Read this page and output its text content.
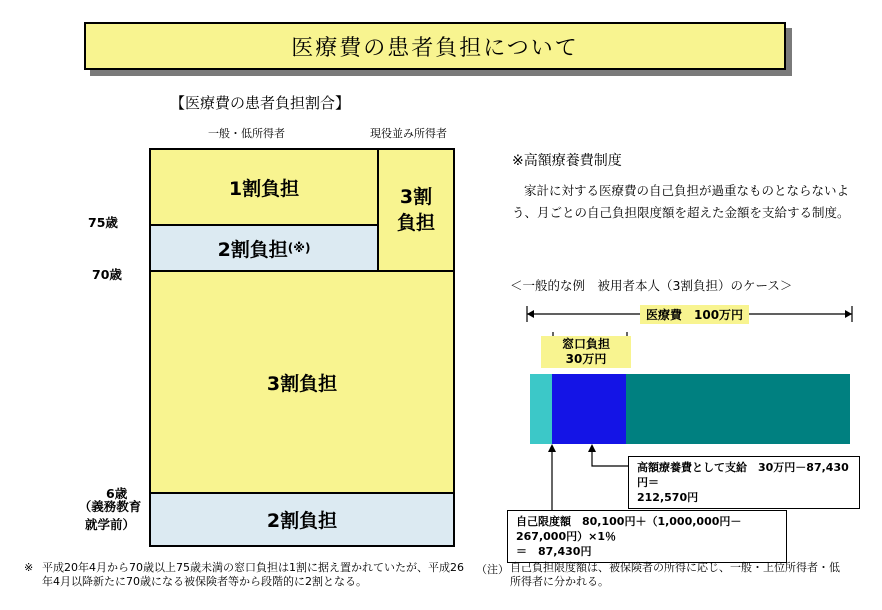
医療費の患者負担について
【医療費の患者負担割合】
一般・低所得者	現役並み所得者
75歳
70歳
6歳
（義務教育
就学前）
1割負担
2割負担 (※)
3割
負担
3割負担
2割負担
※高額療養費制度
家計に対する医療費の自己負担が過重なものとならないよう、月ごとの自己負担限度額を超えた金額を支給する制度。
＜一般的な例　被用者本人（3割負担）のケース＞
医療費　100万円
窓口負担
30万円
高額療養費として支給　30万円－87,430円＝
212,570円
自己限度額　80,100円＋（1,000,000円－267,000円）×1％
＝　87,430円
※ 平成20年4月から70歳以上75歳未満の窓口負担は1割に据え置かれていたが、平成26年4月以降新たに70歳になる被保険者等から段階的に2割となる。
（注） 自己負担限度額は、被保険者の所得に応じ、一般・上位所得者・低所得者に分かれる。
